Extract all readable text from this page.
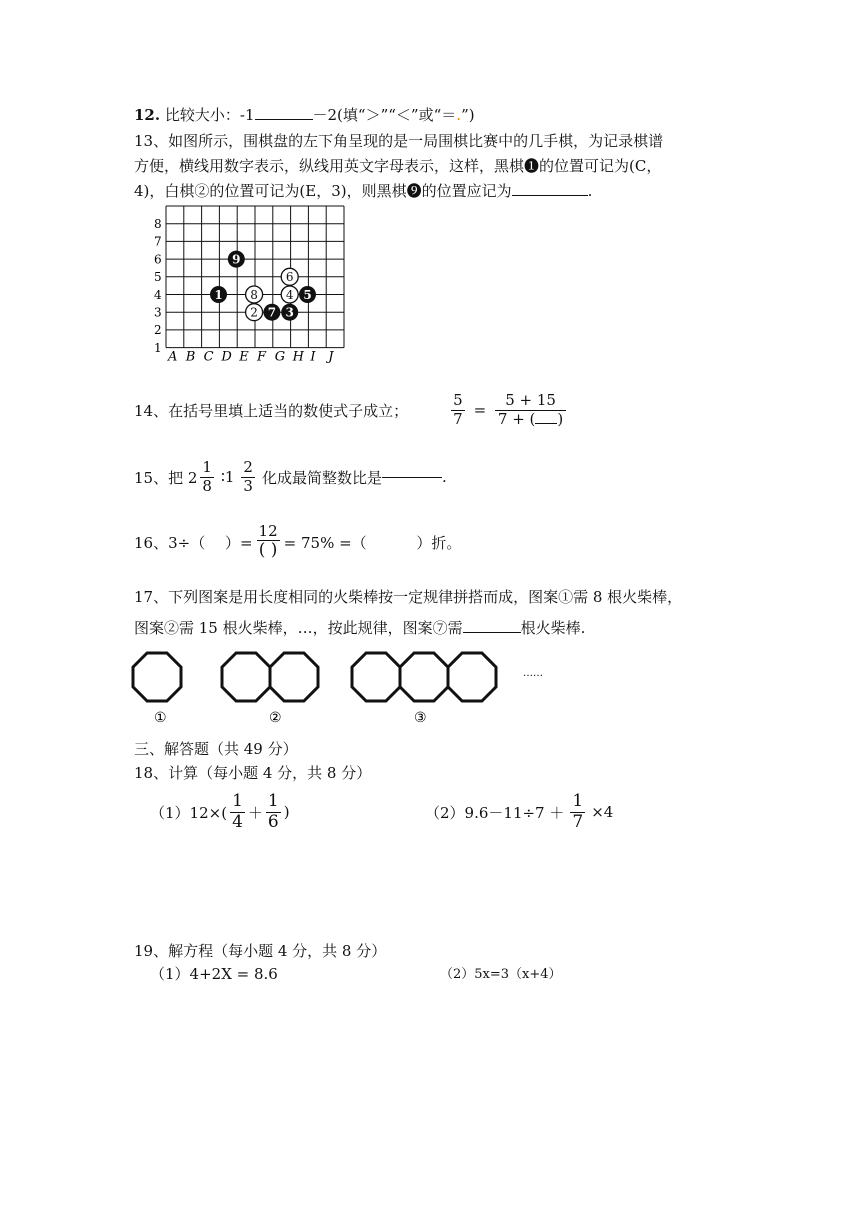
12. 比较大小：-1	－2(填“＞”“＜”或“＝.”)
13、如图所示，围棋盘的左下角呈现的是一局围棋比赛中的几手棋，为记录棋谱
方便，横线用数字表示，纵线用英文字母表示，这样，黑棋❶的位置可记为(C，
4)，白棋②的位置可记为(E，3)，则黑棋❾的位置应记为	.
8
7
6
5
4
3
2
1
A B C D E F G H I J
9
6
1 8 4 5
2 7 3
14、在括号里填上适当的数使式子成立；	$\frac{5}{7} = \frac{5 + 15}{7 + ( )}$
15、把 $2 \frac{1}{8}$ ∶1 $\frac{2}{3}$ 化成最简整数比是	.
16、3÷（　 ）= $\frac{12}{( )} = 75\%$ =（　　　 ）折。
17、下列图案是用长度相同的火柴棒按一定规律拼搭而成，图案①需 8 根火柴棒，
图案②需 15 根火柴棒，…，按此规律，图案⑦需	根火柴棒.
①	②	③
……
三、解答题（共 49 分）
18、计算（每小题 4 分，共 8 分）
$(1)12\times( \frac{1}{4} + \frac{1}{6}$ )	$(2)9.6-11\div 7 + \frac{1}{7} \times 4$
19、解方程（每小题 4 分，共 8 分）
（1）4+2X = 8.6	（2）5x=3（x+4）
